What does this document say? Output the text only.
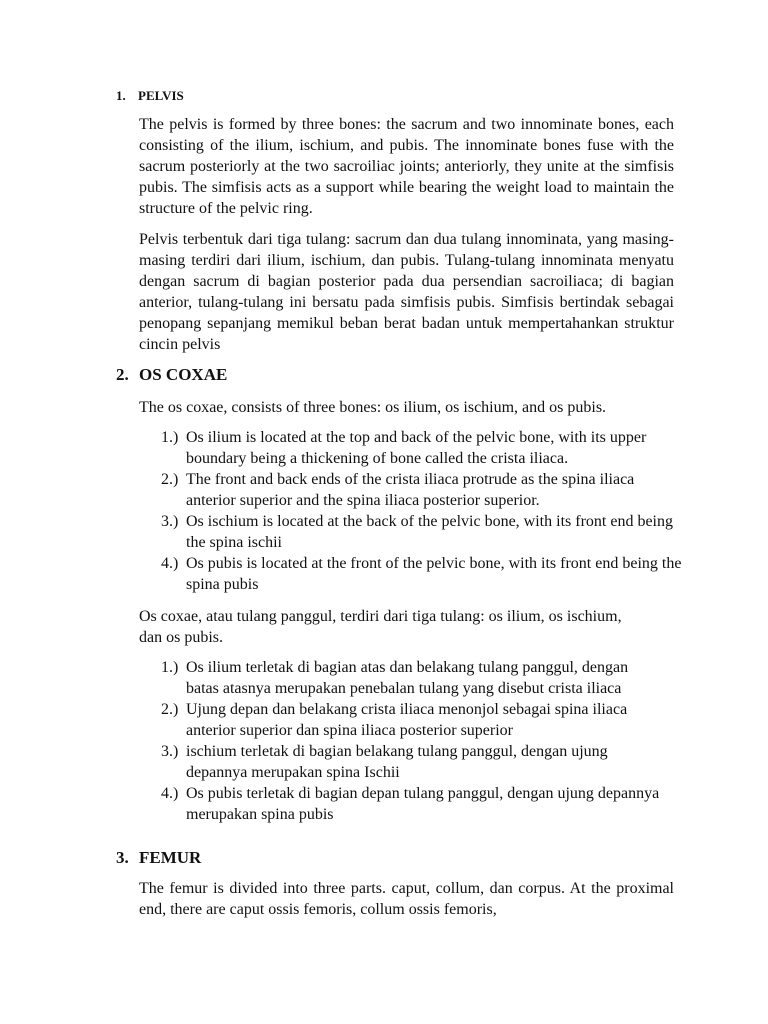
1. PELVIS

The pelvis is formed by three bones: the sacrum and two innominate bones, each consisting of the ilium, ischium, and pubis. The innominate bones fuse with the sacrum posteriorly at the two sacroiliac joints; anteriorly, they unite at the simfisis pubis. The simfisis acts as a support while bearing the weight load to maintain the structure of the pelvic ring.

Pelvis terbentuk dari tiga tulang: sacrum dan dua tulang innominata, yang masing-masing terdiri dari ilium, ischium, dan pubis. Tulang-tulang innominata menyatu dengan sacrum di bagian posterior pada dua persendian sacroiliaca; di bagian anterior, tulang-tulang ini bersatu pada simfisis pubis. Simfisis bertindak sebagai penopang sepanjang memikul beban berat badan untuk mempertahankan struktur cincin pelvis

2. OS COXAE

The os coxae, consists of three bones: os ilium, os ischium, and os pubis.

1.) Os ilium is located at the top and back of the pelvic bone, with its upper boundary being a thickening of bone called the crista iliaca.
2.) The front and back ends of the crista iliaca protrude as the spina iliaca anterior superior and the spina iliaca posterior superior.
3.) Os ischium is located at the back of the pelvic bone, with its front end being the spina ischii
4.) Os pubis is located at the front of the pelvic bone, with its front end being the spina pubis

Os coxae, atau tulang panggul, terdiri dari tiga tulang: os ilium, os ischium, dan os pubis.

1.) Os ilium terletak di bagian atas dan belakang tulang panggul, dengan batas atasnya merupakan penebalan tulang yang disebut crista iliaca
2.) Ujung depan dan belakang crista iliaca menonjol sebagai spina iliaca anterior superior dan spina iliaca posterior superior
3.) ischium terletak di bagian belakang tulang panggul, dengan ujung depannya merupakan spina Ischii
4.) Os pubis terletak di bagian depan tulang panggul, dengan ujung depannya merupakan spina pubis
3. FEMUR

The femur is divided into three parts. caput, collum, dan corpus. At the proximal end, there are caput ossis femoris, collum ossis femoris,
